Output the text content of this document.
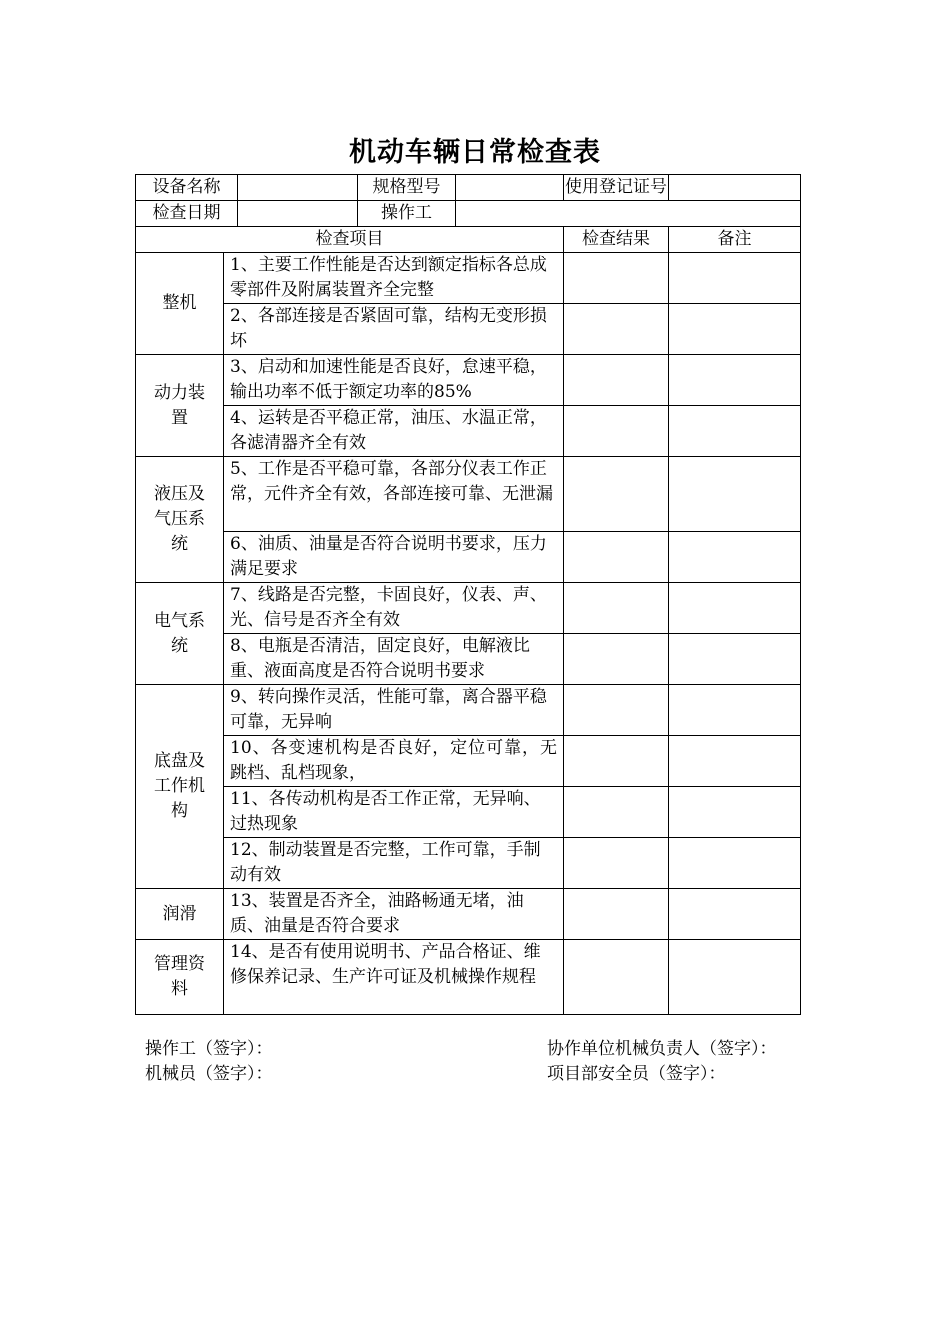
机动车辆日常检查表
设备名称			规格型号		使用登记证号	
检查日期			操作工			
检查项目					检查结果	备注
整机	1、主要工作性能是否达到额定指标各总成零部件及附属装置齐全完整					
	2、各部连接是否紧固可靠，结构无变形损坏					
动力装置	3、启动和加速性能是否良好，怠速平稳，输出功率不低于额定功率的85%					
	4、运转是否平稳正常，油压、水温正常，各滤清器齐全有效					
液压及气压系统	5、工作是否平稳可靠，各部分仪表工作正常，元件齐全有效，各部连接可靠、无泄漏					
	6、油质、油量是否符合说明书要求，压力满足要求					
电气系统	7、线路是否完整，卡固良好，仪表、声、光、信号是否齐全有效					
	8、电瓶是否清洁，固定良好，电解液比重、液面高度是否符合说明书要求					
底盘及工作机构	9、转向操作灵活，性能可靠，离合器平稳可靠，无异响					
	10、各变速机构是否良好，定位可靠，无跳档、乱档现象，					
	11、各传动机构是否工作正常，无异响、过热现象					
	12、制动装置是否完整，工作可靠，手制动有效					
润滑	13、装置是否齐全，油路畅通无堵，油质、油量是否符合要求					
管理资料	14、是否有使用说明书、产品合格证、维修保养记录、生产许可证及机械操作规程					
操作工（签字）：
机械员（签字）：
协作单位机械负责人（签字）：
项目部安全员（签字）：
